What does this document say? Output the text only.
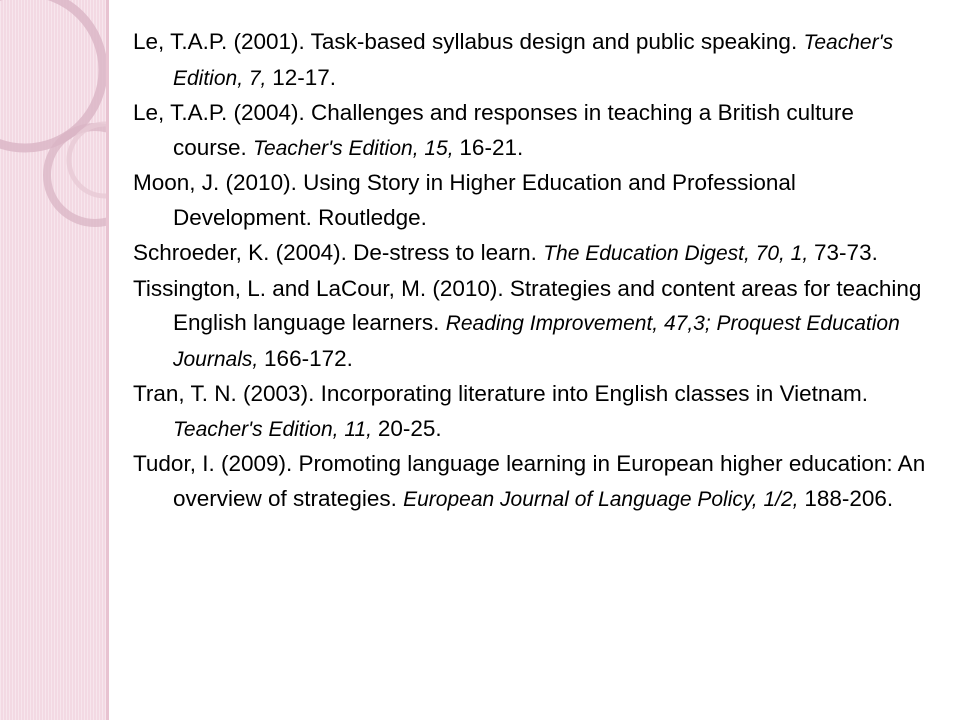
Le, T.A.P. (2001). Task-based syllabus design and public speaking. Teacher's Edition, 7, 12-17.

Le, T.A.P. (2004). Challenges and responses in teaching a British culture course. Teacher's Edition, 15, 16-21.

Moon, J. (2010). Using Story in Higher Education and Professional Development. Routledge.

Schroeder, K. (2004). De-stress to learn. The Education Digest, 70, 1, 73-73.

Tissington, L. and LaCour, M. (2010). Strategies and content areas for teaching English language learners. Reading Improvement, 47,3; Proquest Education Journals, 166-172.

Tran, T. N. (2003). Incorporating literature into English classes in Vietnam. Teacher's Edition, 11, 20-25.

Tudor, I. (2009). Promoting language learning in European higher education: An overview of strategies. European Journal of Language Policy, 1/2, 188-206.
